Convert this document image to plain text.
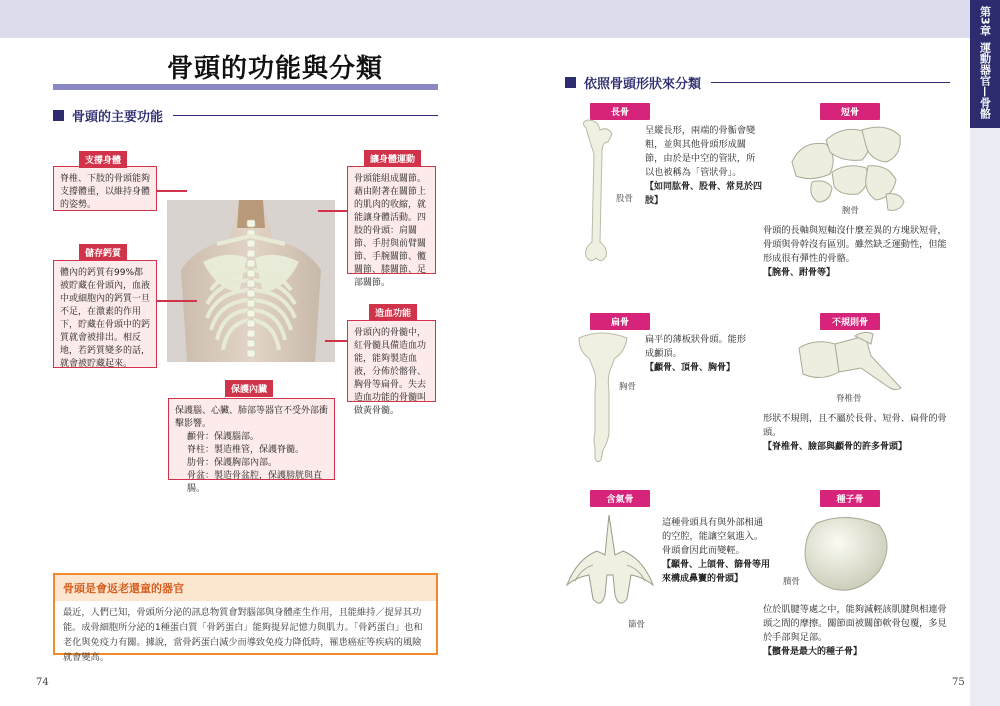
第3章
運動器官—骨骼
骨頭的功能與分類
骨頭的主要功能
脊椎、下肢的骨頭能夠支撐體重，以維持身體的姿勢。
支撐身體
體內的鈣質有99%都被貯藏在骨頭內，血液中或細胞內的鈣質一旦不足，在激素的作用下，貯藏在骨頭中的鈣質就會被排出。相反地，若鈣質變多的話，就會被貯藏起來。
儲存鈣質
骨頭能組成關節。藉由附著在關節上的肌肉的收縮，就能讓身體活動。四肢的骨頭：肩關節、手肘與前臂關節、手腕關節、髖關節、膝關節、足部關節。
讓身體運動
骨頭內的骨髓中，紅骨髓具備造血功能，能夠製造血液，分佈於髂骨、胸骨等扁骨。失去造血功能的骨髓叫做黃骨髓。
造血功能
保護腦、心臟、肺部等器官不受外部衝擊影響。
顱骨：保護腦部。
脊柱：製造椎管，保護脊髓。
肋骨：保護胸部內部。
骨盆：製造骨盆腔，保護膀胱與直腸。
保護內臟
骨頭是會返老還童的器官
最近，人們已知，骨頭所分泌的訊息物質會對腦部與身體產生作用，且能維持／提昇其功能。成骨細胞所分泌的1種蛋白質「骨鈣蛋白」能夠提昇記憶力與肌力。「骨鈣蛋白」也和老化與免疫力有關。據說，當骨鈣蛋白減少而導致免疫力降低時，罹患癌症等疾病的風險就會變高。
74
依照骨頭形狀來分類
長骨
股骨
呈縱長形，兩端的骨骺會變粗，並與其他骨頭形成關節，由於是中空的管狀，所以也被稱為「管狀骨」。
【如同肱骨、股骨、常見於四肢】
短骨
腕骨
骨頭的長軸與短軸沒什麼差異的方塊狀短骨，骨頭與骨幹沒有區別。雖然缺乏運動性，但能形成很有彈性的骨骼。
【腕骨、跗骨等】
扁骨
胸骨
扁平的薄板狀骨頭。能形成顱頂。
【顱骨、頂骨、胸骨】
不規則骨
脊椎骨
形狀不規則，且不屬於長骨、短骨、扁骨的骨頭。
【脊椎骨、臉部與顱骨的許多骨頭】
含氣骨
篩骨
這種骨頭具有與外部相通的空腔，能讓空氣進入。骨頭會因此而變輕。
【顳骨、上頜骨、篩骨等用來構成鼻竇的骨頭】
種子骨
臏骨
位於肌腱等處之中，能夠減輕該肌腱與相連骨頭之間的摩擦。關節面被關節軟骨包覆，多見於手部與足部。
【髕骨是最大的種子骨】
75
